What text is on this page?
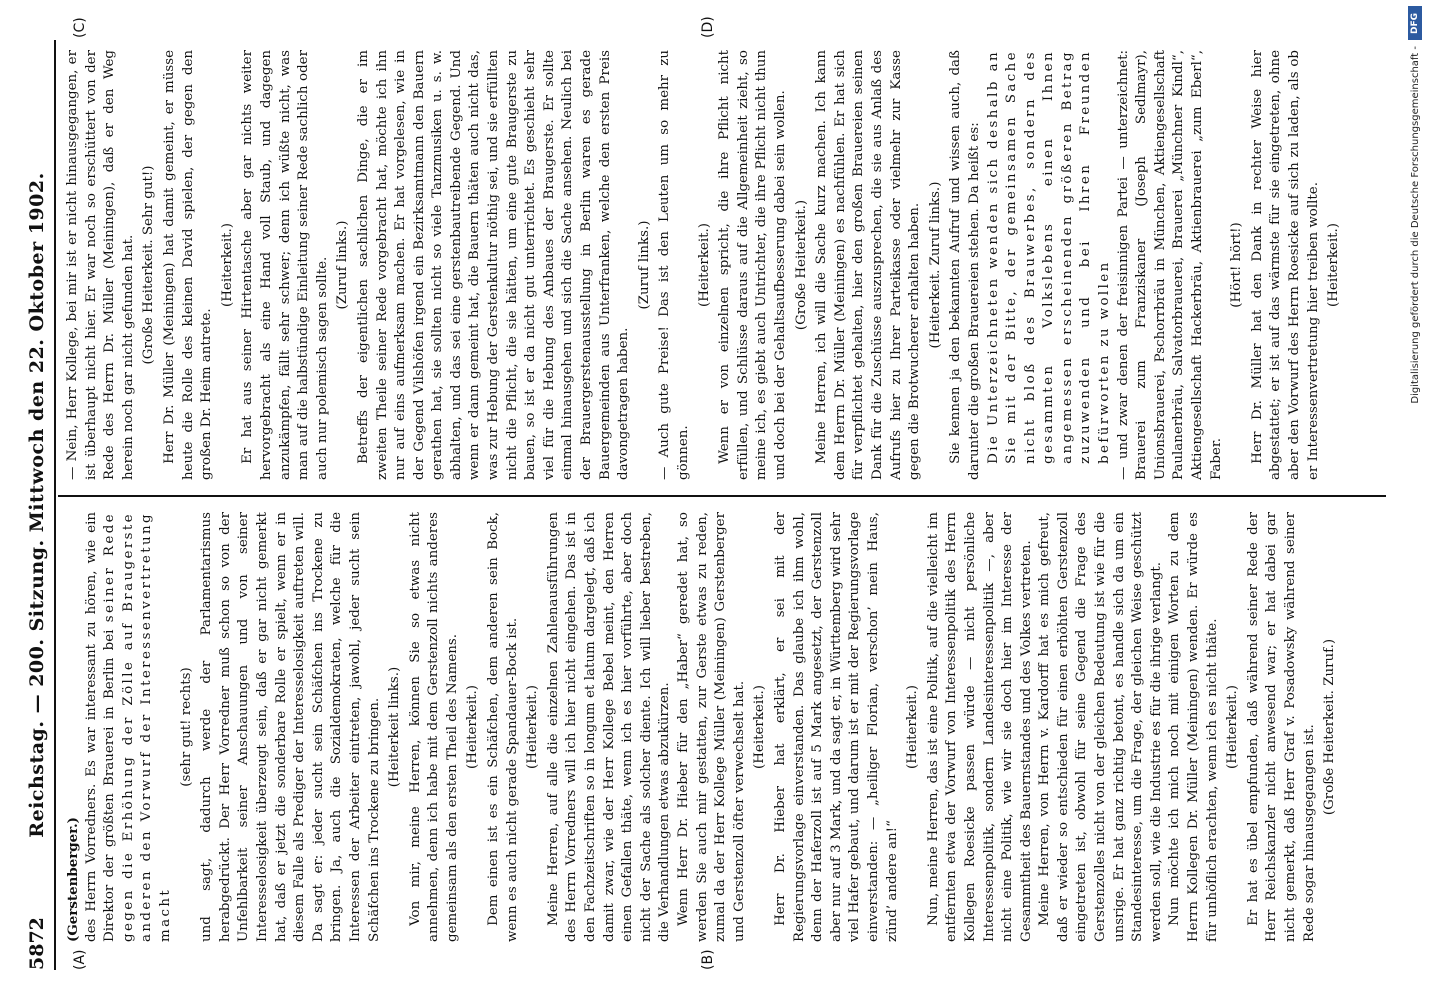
5872
Reichstag. — 200. Sitzung. Mittwoch den 22. Oktober 1902.
(A)	(B)
(C)	(D)

(Gerstenberger.) des Herrn Vorredners. Es war interessant zu hören, wie ein Direktor der größten Brauerei in Berlin bei seiner Rede gegen die Erhöhung der Zölle auf Braugerste anderen den Vorwurf der Interessenvertretung macht

(sehr gut! rechts) und sagt, dadurch werde der Parlamentarismus herabgedrückt. Der Herr Vorredner muß schon so von der Unfehlbarkeit seiner Anschauungen und von seiner Interesselosigkeit überzeugt sein, daß er gar nicht gemerkt hat, daß er jetzt die sonderbare Rolle er spielt, wenn er in diesem Falle als Prediger der Interesselosigkeit auftreten will. Da sagt er: jeder sucht sein Schäfchen ins Trockene zu bringen. Ja, auch die Sozialdemokraten, welche für die Interessen der Arbeiter eintreten, jawohl, jeder sucht sein Schäfchen ins Trockene zu bringen. (Heiterkeit links.) Von mir, meine Herren, können Sie so etwas nicht annehmen, denn ich habe mit dem Gerstenzoll nichts anderes gemeinsam als den ersten Theil des Namens. (Heiterkeit.) Dem einen ist es ein Schäfchen, dem anderen sein Bock, wenn es auch nicht gerade Spandauer-Bock ist. (Heiterkeit.) Meine Herren, auf alle die einzelnen Zahlenausführungen des Herrn Vorredners will ich hier nicht eingehen. Das ist in den Fachzeitschriften so in longum et latum dargelegt, daß ich damit zwar, wie der Herr Kollege Bebel meint, den Herren einen Gefallen thäte, wenn ich es hier vorführte, aber doch nicht der Sache als solcher diente. Ich will lieber bestreben, die Verhandlungen etwas abzukürzen. Wenn Herr Dr. Hieber für den „Haber“ geredet hat, so werden Sie auch mir gestatten, zur Gerste etwas zu reden, zumal da der Herr Kollege Müller (Meiningen) Gerstenberger und Gerstenzoll öfter verwechselt hat. (Heiterkeit.) Herr Dr. Hieber hat erklärt, er sei mit der Regierungsvorlage einverstanden. Das glaube ich ihm wohl, denn der Haferzoll ist auf 5 Mark angesetzt, der Gerstenzoll aber nur auf 3 Mark, und da sagt er, in Württemberg wird sehr viel Hafer gebaut, und darum ist er mit der Regierungsvorlage einverstanden: — „heiliger Florian, verschon’ mein Haus, zünd’ andere an!“

(Heiterkeit.) Nun, meine Herren, das ist eine Politik, auf die vielleicht im entfernten etwa der Vorwurf von Interessenpolitik des Herrn Kollegen Roesicke passen würde — nicht persönliche Interessenpolitik, sondern Landesinteressenpolitik —, aber nicht eine Politik, wie wir sie doch hier im Interesse der Gesammtheit des Bauernstandes und des Volkes vertreten. Meine Herren, von Herrn v. Kardorff hat es mich gefreut, daß er wieder so entschieden für einen erhöhten Gerstenzoll eingetreten ist, obwohl für seine Gegend die Frage des Gerstenzolles nicht von der gleichen Bedeutung ist wie für die unsrige. Er hat ganz richtig betont, es handle sich da um ein Standesinteresse, um die Frage, der gleichen Weise geschützt werden soll, wie die Industrie es für die ihrige verlangt. Nun möchte ich mich noch mit einigen Worten zu dem Herrn Kollegen Dr. Müller (Meiningen) wenden. Er würde es für unhöflich erachten, wenn ich es nicht thäte. (Heiterkeit.) Er hat es übel empfunden, daß während seiner Rede der Herr Reichskanzler nicht anwesend war; er hat dabei gar nicht gemerkt, daß Herr Graf v. Posadowsky während seiner Rede sogar hinausgegangen ist. (Große Heiterkeit. Zuruf.)

— Nein, Herr Kollege, bei mir ist er nicht hinausgegangen, er ist überhaupt nicht hier. Er war noch so erschüttert von der Rede des Herrn Dr. Müller (Meiningen), daß er den Weg herein noch gar nicht gefunden hat. (Große Heiterkeit. Sehr gut!) Herr Dr. Müller (Meiningen) hat damit gemeint, er müsse heute die Rolle des kleinen David spielen, der gegen den großen Dr. Heim antrete.

(Heiterkeit.) Er hat aus seiner Hirtentasche aber gar nichts weiter hervorgebracht als eine Hand voll Staub, und dagegen anzukämpfen, fällt sehr schwer; denn ich wüßte nicht, was man auf die halbstündige Einleitung seiner Rede sachlich oder auch nur polemisch sagen sollte. (Zuruf links.) Betreffs der eigentlichen sachlichen Dinge, die er im zweiten Theile seiner Rede vorgebracht hat, möchte ich ihn nur auf eins aufmerksam machen. Er hat vorgelesen, wie in der Gegend Vilshöfen irgend ein Bezirksamtmann den Bauern gerathen hat, sie sollten nicht so viele Tanzmusiken u. s. w. abhalten, und das sei eine gerstenbautreibende Gegend. Und wenn er dann gemeint hat, die Bauern thäten auch nicht das, was zur Hebung der Gerstenkultur nöthig sei, und sie erfüllten nicht die Pflicht, die sie hätten, um eine gute Braugerste zu bauen, so ist er da nicht gut unterrichtet. Es geschieht sehr viel für die Hebung des Anbaues der Braugerste. Er sollte einmal hinausgehen und sich die Sache ansehen. Neulich bei der Brauergerstenausstellung in Berlin waren es gerade Bauergemeinden aus Unterfranken, welche den ersten Preis davongetragen haben.

(Zuruf links.) — Auch gute Preise! Das ist den Leuten um so mehr zu gönnen.

(Heiterkeit.) Wenn er von einzelnen spricht, die ihre Pflicht nicht erfüllen, und Schlüsse daraus auf die Allgemeinheit zieht, so meine ich, es giebt auch Untrichter, die ihre Pflicht nicht thun und doch bei der Gehaltsaufbesserung dabei sein wollen. (Große Heiterkeit.) Meine Herren, ich will die Sache kurz machen. Ich kann dem Herrn Dr. Müller (Meiningen) es nachfühlen. Er hat sich für verpflichtet gehalten, hier den großen Brauereien seinen Dank für die Zuschüsse auszusprechen, die sie aus Anlaß des Aufrufs hier zu Ihrer Parteikasse oder vielmehr zur Kasse gegen die Brotwucherer erhalten haben. (Heiterkeit. Zuruf links.) Sie kennen ja den bekannten Aufruf und wissen auch, daß darunter die großen Brauereien stehen. Da heißt es: Die Unterzeichneten wenden sich deshalb an Sie mit der Bitte, der gemeinsamen Sache nicht bloß des Brauwerbes, sondern des gesammten Volkslebens einen Ihnen angemessen erscheinenden größeren Betrag zuzuwenden und bei Ihren Freunden befürworten zu wollen — und zwar denen der freisinnigen Partei — unterzeichnet: Brauerei zum Franziskaner (Joseph Sedlmayr), Unionsbrauerei, Pschorrbräu in München, Aktiengesellschaft Paulanerbräu, Salvatorbrauerei, Brauerei „Münchner Kindl“, Aktiengesellschaft Hackerbräu, Aktienbrauerei „zum Eberl“, Faber.

(Hört! hört!) Herr Dr. Müller hat den Dank in rechter Weise hier abgestattet; er ist auf das wärmste für sie eingetreten, ohne aber den Vorwurf des Herrn Roesicke auf sich zu laden, als ob er Interessenvertretung hier treiben wollte. (Heiterkeit.)

DFG
Digitalisierung gefördert durch die Deutsche Forschungsgemeinschaft -
